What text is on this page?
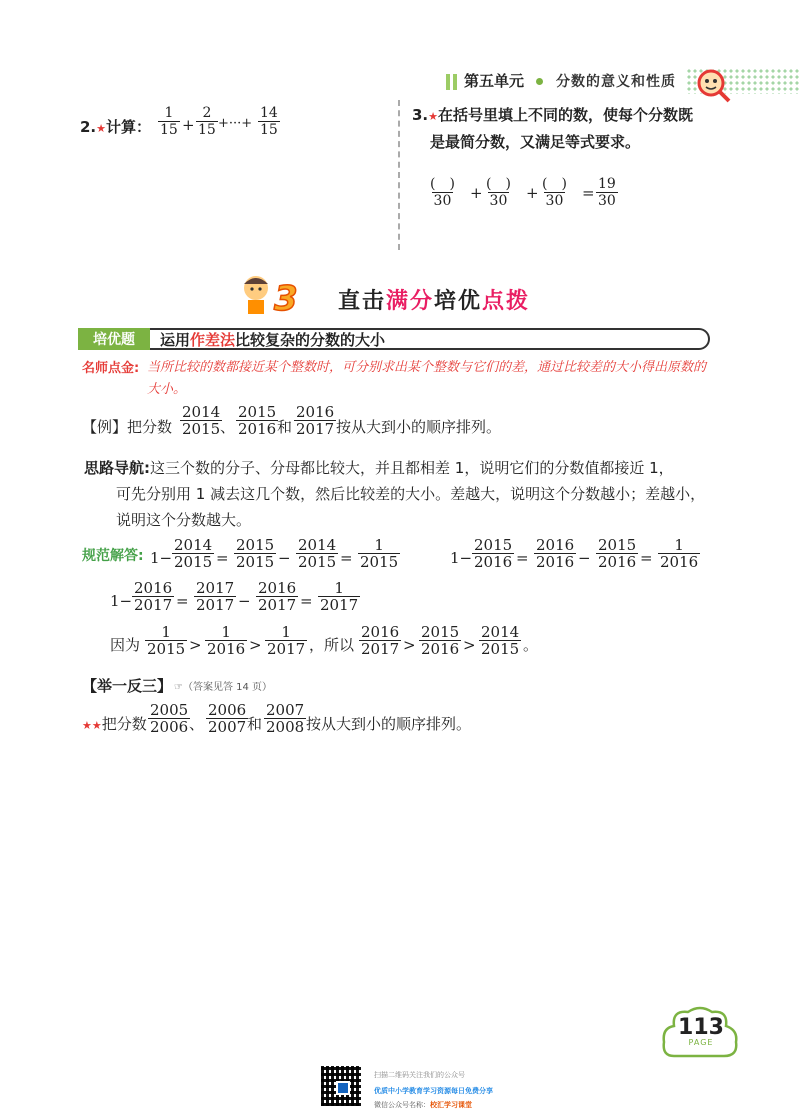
第五单元 分数的意义和性质
2.★计算： $\frac{1}{15} + \frac{2}{15}$ +···+ $\frac{14}{15}$	3.★在括号里填上不同的数，使每个分数既
是最简分数，又满足等式要求。
(　)
30 + (　)
30 + (　)
$30 = \frac{19}{30}$
3 直击满分培优点拨
培优题	运用作差法比较复杂的分数的大小
名师点金: 当所比较的数都接近某个整数时，可分别求出某个整数与它们的差，通过比较差的大小得出原数的大小。
【例】把分数 $\frac{2014}{2015}$
、 $\frac{2015}{2016}$
和 $\frac{2016}{2017}$ 按从大到小的顺序排列。
思路导航:这三个数的分子、分母都比较大，并且都相差 1，说明它们的分数值都接近 1，
可先分别用 1 减去这几个数，然后比较差的大小。差越大，说明这个分数越小；差越小，
说明这个分数越大。
规范解答:
因为
【举一反三】 ☞（答案见答 14 页）
★★把分数 $\frac{2005}{2006}$
、 $\frac{2006}{2007}$
和 $\frac{2007}{2008}$ 按从大到小的顺序排列。
113
PAGE
扫描二维码关注我们的公众号
优质中小学教育学习资源每日免费分享
微信公众号名称：校汇学习课堂
$1- \frac{2014}{2015} = \frac{2015}{2015} - \frac{2014}{2015} = \frac{1}{2015}$	$1- \frac{2015}{2016} = \frac{2016}{2016} - \frac{2015}{2016} = \frac{1}{2016}$
$1- \frac{2016}{2017} = \frac{2017}{2017} - \frac{2016}{2017} = \frac{1}{2017}$
$\frac{1}{2015} > \frac{1}{2016} > \frac{1}{2017}$ ，所以 $\frac{2016}{2017} > \frac{2015}{2016} > \frac{2014}{2015}$ 。
